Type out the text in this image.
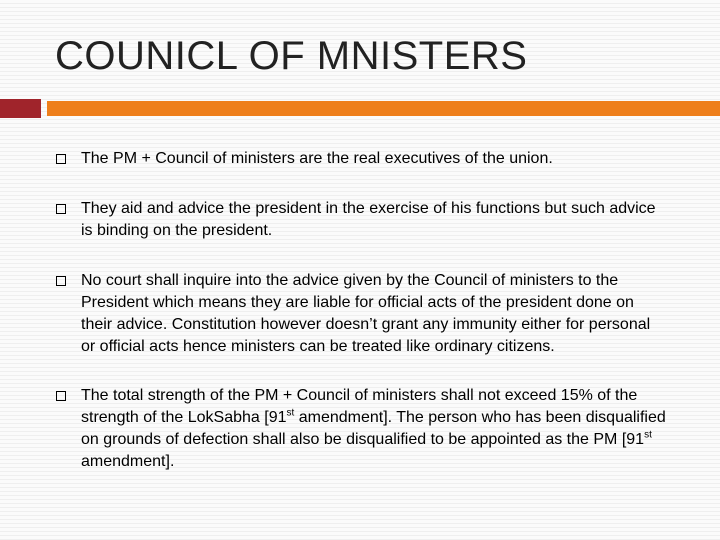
COUNICL OF MNISTERS
The PM + Council of ministers are the real executives of the union.
They aid and advice the president in the exercise of his functions but such advice is binding on the president.
No court shall inquire into the advice given by the Council of ministers to the President which means they are liable for official acts of the president done on their advice. Constitution however doesn’t grant any immunity either for personal or official acts hence ministers can be treated like ordinary citizens.
The total strength of the PM + Council of ministers shall not exceed 15% of the strength of the LokSabha [91st amendment]. The person who has been disqualified on grounds of defection shall also be disqualified to be appointed as the PM [91st amendment].
